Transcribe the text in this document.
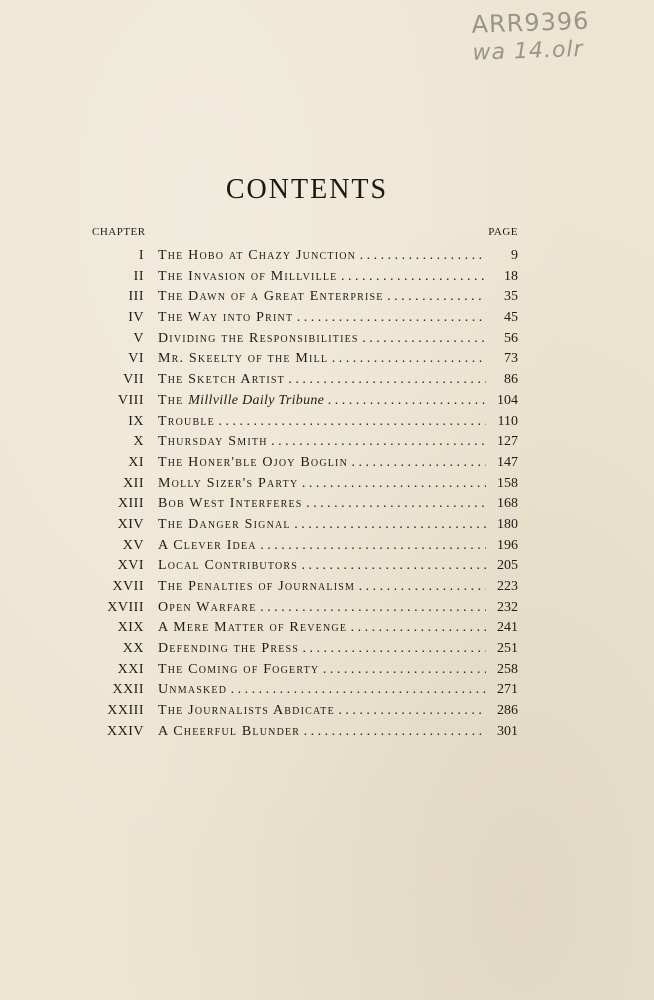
ARR9396
wa 14.olr
CONTENTS
CHAPTER	PAGE
I The Hobo at Chazy Junction . . .	9
II The Invasion of Millville . . .	18
III The Dawn of a Great Enterprise . . .	35
IV The Way into Print . . .	45
V Dividing the Responsibilities . . .	56
VI Mr. Skeelty of the Mill . . .	73
VII The Sketch Artist . . .	86
VIII The Millville Daily Tribune . . .	104
IX Trouble . . .	110
X Thursday Smith . . .	127
XI The Honer'ble Ojoy Boglin . . .	147
XII Molly Sizer's Party . . .	158
XIII Bob West Interferes . . .	168
XIV The Danger Signal . . .	180
XV A Clever Idea . . .	196
XVI Local Contributors . . .	205
XVII The Penalties of Journalism . . .	223
XVIII Open Warfare . . .	232
XIX A Mere Matter of Revenge . . .	241
XX Defending the Press . . .	251
XXI The Coming of Fogerty . . .	258
XXII Unmasked . . .	271
XXIII The Journalists Abdicate . . .	286
XXIV A Cheerful Blunder . . .	301
